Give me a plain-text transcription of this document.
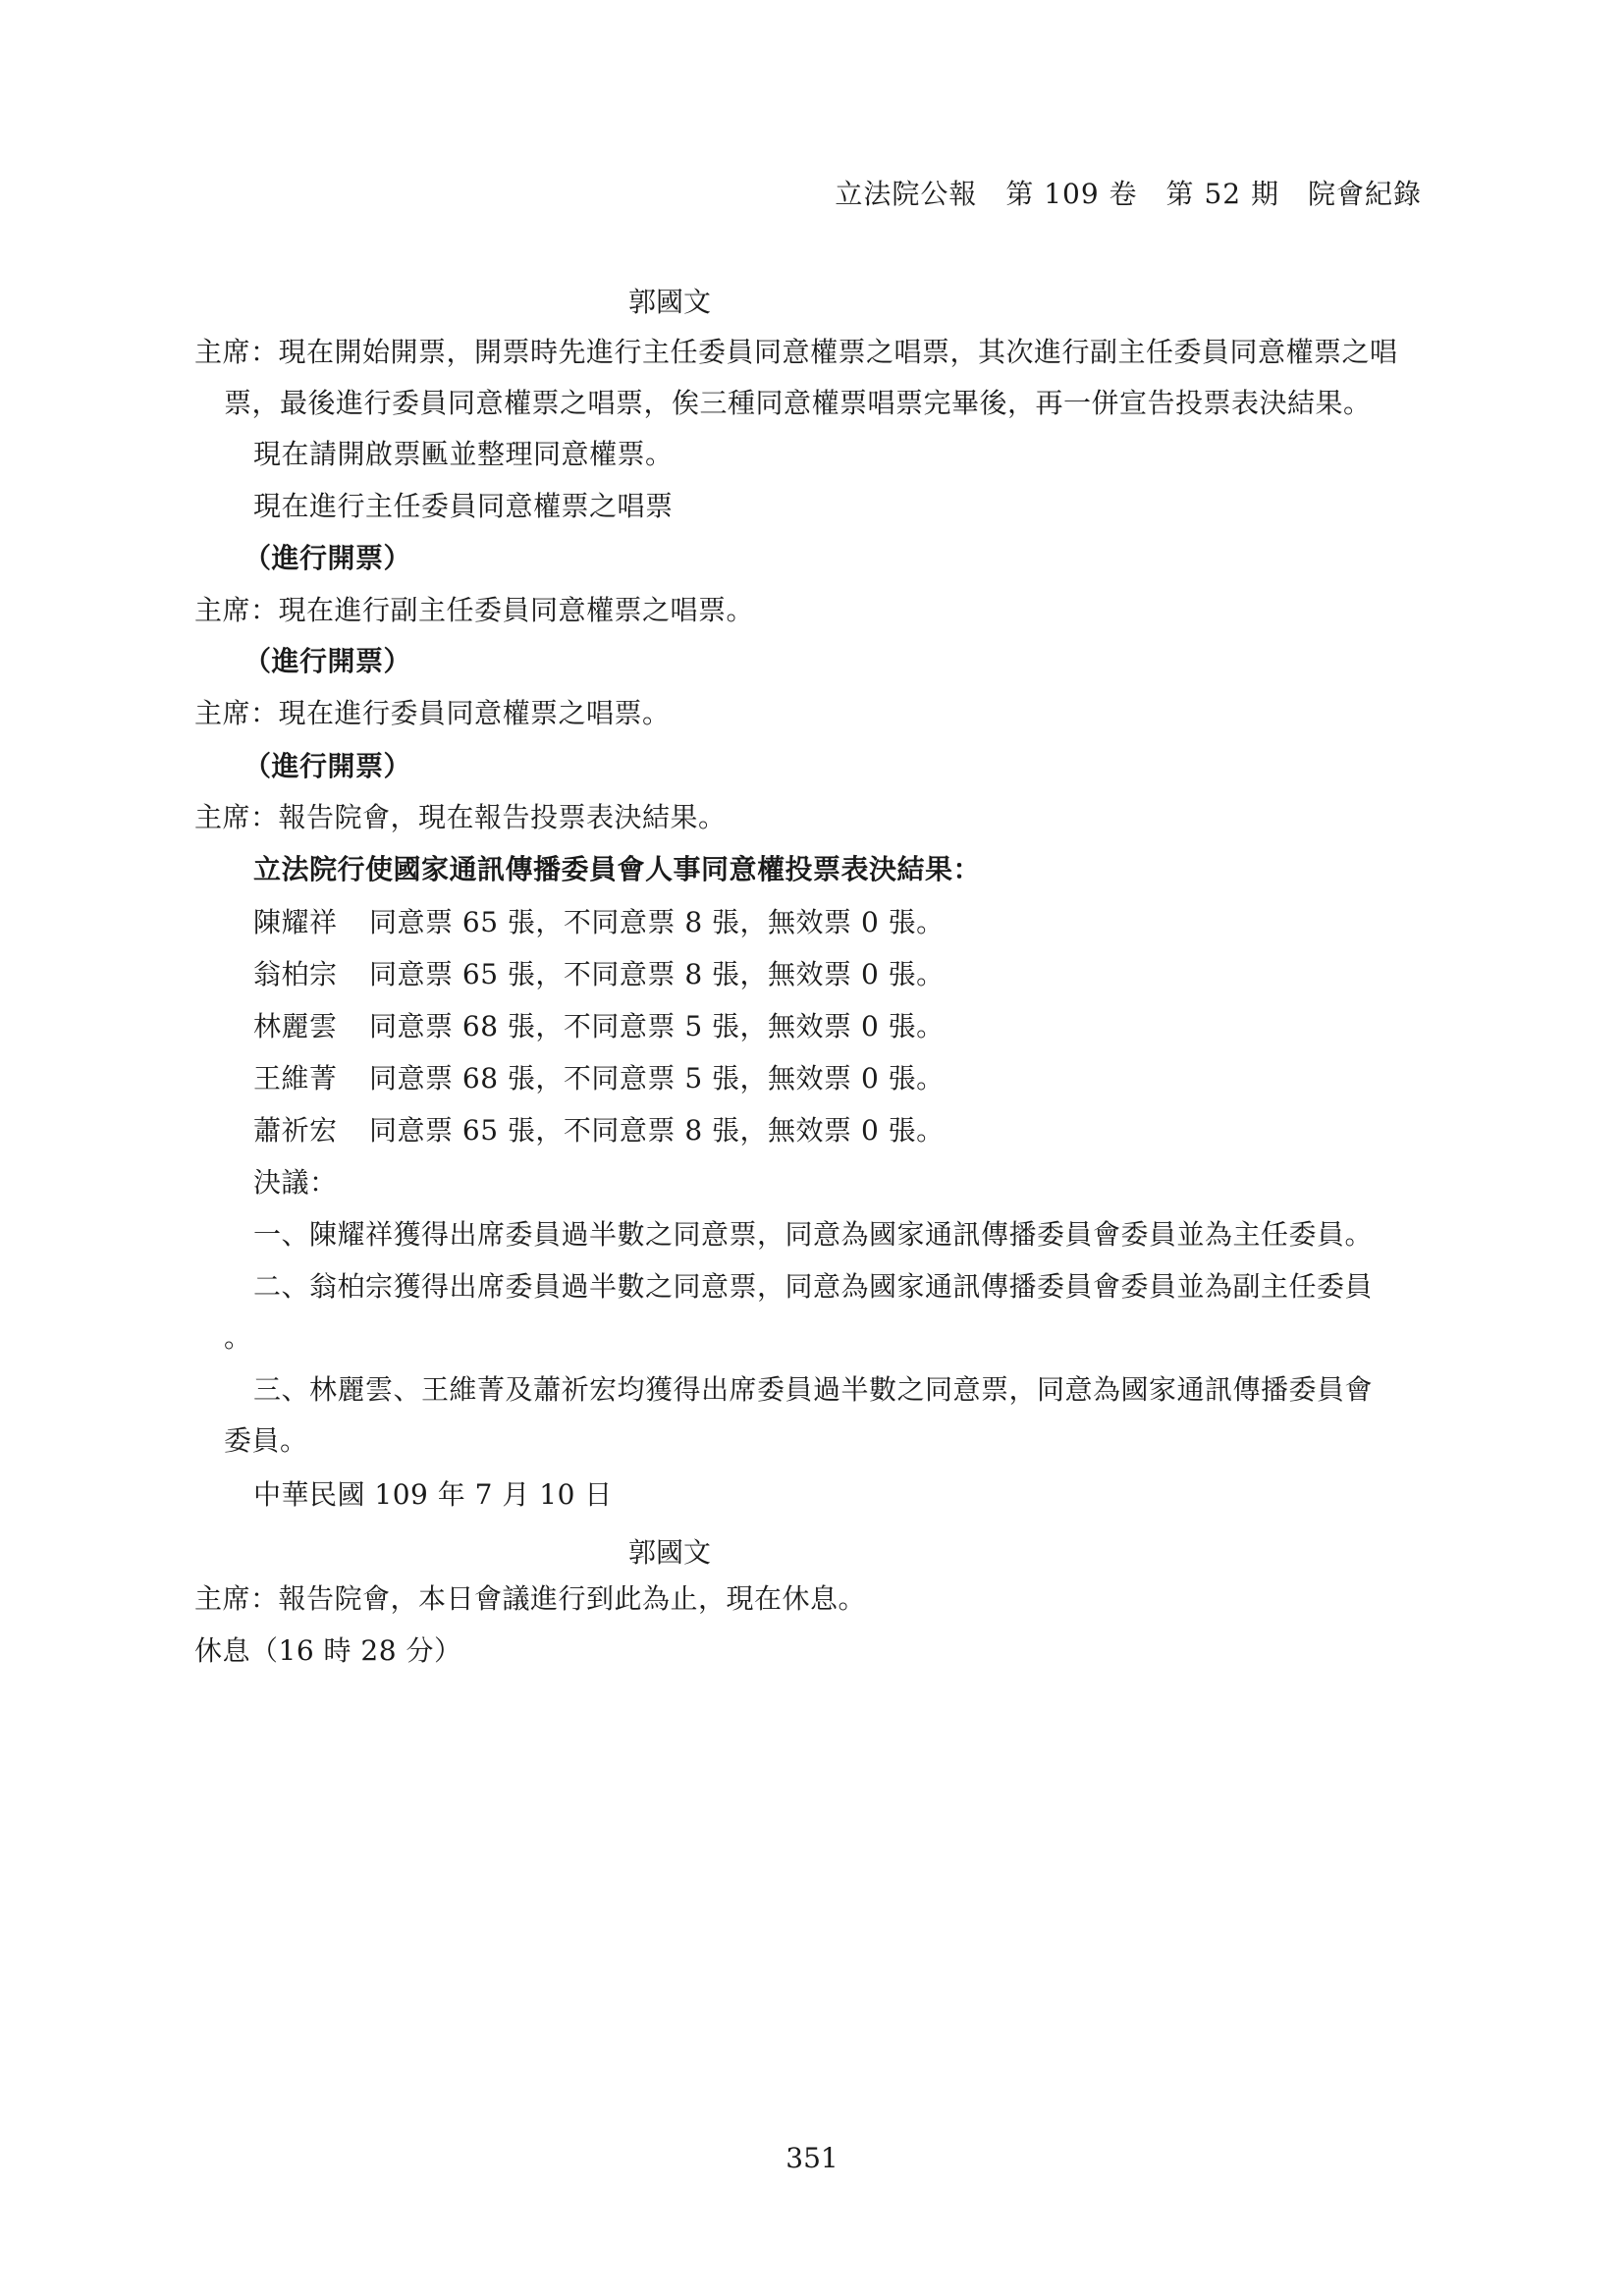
立法院公報　第 109 卷　第 52 期　院會紀錄
郭國文
主席：現在開始開票，開票時先進行主任委員同意權票之唱票，其次進行副主任委員同意權票之唱
票，最後進行委員同意權票之唱票，俟三種同意權票唱票完畢後，再一併宣告投票表決結果。
現在請開啟票匭並整理同意權票。
現在進行主任委員同意權票之唱票
（進行開票）
主席：現在進行副主任委員同意權票之唱票。
（進行開票）
主席：現在進行委員同意權票之唱票。
（進行開票）
主席：報告院會，現在報告投票表決結果。
立法院行使國家通訊傳播委員會人事同意權投票表決結果：
陳耀祥 同意票 65 張，不同意票 8 張，無效票 0 張。
翁柏宗 同意票 65 張，不同意票 8 張，無效票 0 張。
林麗雲 同意票 68 張，不同意票 5 張，無效票 0 張。
王維菁 同意票 68 張，不同意票 5 張，無效票 0 張。
蕭祈宏 同意票 65 張，不同意票 8 張，無效票 0 張。
決議：
一、陳耀祥獲得出席委員過半數之同意票，同意為國家通訊傳播委員會委員並為主任委員。
二、翁柏宗獲得出席委員過半數之同意票，同意為國家通訊傳播委員會委員並為副主任委員
。
三、林麗雲、王維菁及蕭祈宏均獲得出席委員過半數之同意票，同意為國家通訊傳播委員會
委員。
中華民國 109 年 7 月 10 日
郭國文
主席：報告院會，本日會議進行到此為止，現在休息。
休息（16 時 28 分）
351
